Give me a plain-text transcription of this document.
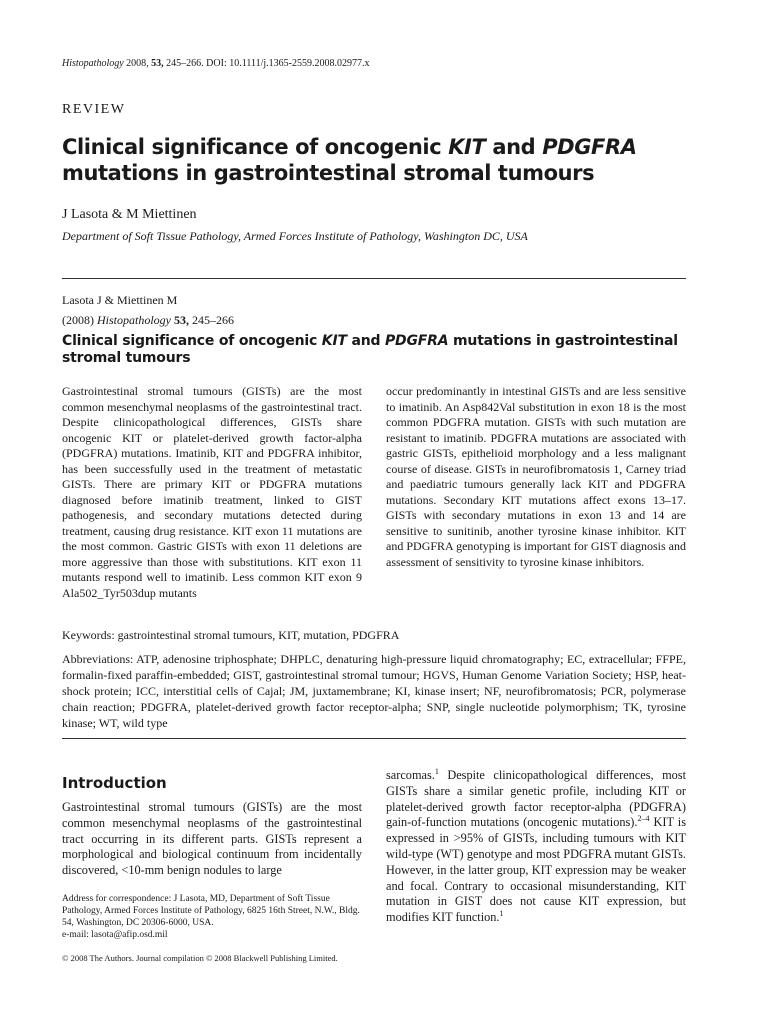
Histopathology 2008, 53, 245–266. DOI: 10.1111/j.1365-2559.2008.02977.x
REVIEW
Clinical significance of oncogenic KIT and PDGFRA mutations in gastrointestinal stromal tumours
J Lasota & M Miettinen
Department of Soft Tissue Pathology, Armed Forces Institute of Pathology, Washington DC, USA
Lasota J & Miettinen M
(2008) Histopathology 53, 245–266
Clinical significance of oncogenic KIT and PDGFRA mutations in gastrointestinal stromal tumours
Gastrointestinal stromal tumours (GISTs) are the most common mesenchymal neoplasms of the gastrointestinal tract. Despite clinicopathological differences, GISTs share oncogenic KIT or platelet-derived growth factor-alpha (PDGFRA) mutations. Imatinib, KIT and PDGFRA inhibitor, has been successfully used in the treatment of metastatic GISTs. There are primary KIT or PDGFRA mutations diagnosed before imatinib treatment, linked to GIST pathogenesis, and secondary mutations detected during treatment, causing drug resistance. KIT exon 11 mutations are the most common. Gastric GISTs with exon 11 deletions are more aggressive than those with substitutions. KIT exon 11 mutants respond well to imatinib. Less common KIT exon 9 Ala502_Tyr503dup mutants
occur predominantly in intestinal GISTs and are less sensitive to imatinib. An Asp842Val substitution in exon 18 is the most common PDGFRA mutation. GISTs with such mutation are resistant to imatinib. PDGFRA mutations are associated with gastric GISTs, epithelioid morphology and a less malignant course of disease. GISTs in neurofibromatosis 1, Carney triad and paediatric tumours generally lack KIT and PDGFRA mutations. Secondary KIT mutations affect exons 13–17. GISTs with secondary mutations in exon 13 and 14 are sensitive to sunitinib, another tyrosine kinase inhibitor. KIT and PDGFRA genotyping is important for GIST diagnosis and assessment of sensitivity to tyrosine kinase inhibitors.
Keywords: gastrointestinal stromal tumours, KIT, mutation, PDGFRA
Abbreviations: ATP, adenosine triphosphate; DHPLC, denaturing high-pressure liquid chromatography; EC, extracellular; FFPE, formalin-fixed paraffin-embedded; GIST, gastrointestinal stromal tumour; HGVS, Human Genome Variation Society; HSP, heat-shock protein; ICC, interstitial cells of Cajal; JM, juxtamembrane; KI, kinase insert; NF, neurofibromatosis; PCR, polymerase chain reaction; PDGFRA, platelet-derived growth factor receptor-alpha; SNP, single nucleotide polymorphism; TK, tyrosine kinase; WT, wild type
Introduction
Gastrointestinal stromal tumours (GISTs) are the most common mesenchymal neoplasms of the gastrointestinal tract occurring in its different parts. GISTs represent a morphological and biological continuum from incidentally discovered, <10-mm benign nodules to large
sarcomas.$^1$ Despite clinicopathological differences, most GISTs share a similar genetic profile, including KIT or platelet-derived growth factor receptor-alpha (PDGFRA) gain-of-function mutations (oncogenic mutations).$^{2-4}$ KIT is expressed in >95% of GISTs, including tumours with KIT wild-type (WT) genotype and most PDGFRA mutant GISTs. However, in the latter group, KIT expression may be weaker and focal. Contrary to occasional misunderstanding, KIT mutation in GIST does not cause KIT expression, but modifies KIT function.$^1$
Address for correspondence: J Lasota, MD, Department of Soft Tissue Pathology, Armed Forces Institute of Pathology, 6825 16th Street, N.W., Bldg. 54, Washington, DC 20306-6000, USA.
e-mail: lasota@afip.osd.mil
© 2008 The Authors. Journal compilation © 2008 Blackwell Publishing Limited.
